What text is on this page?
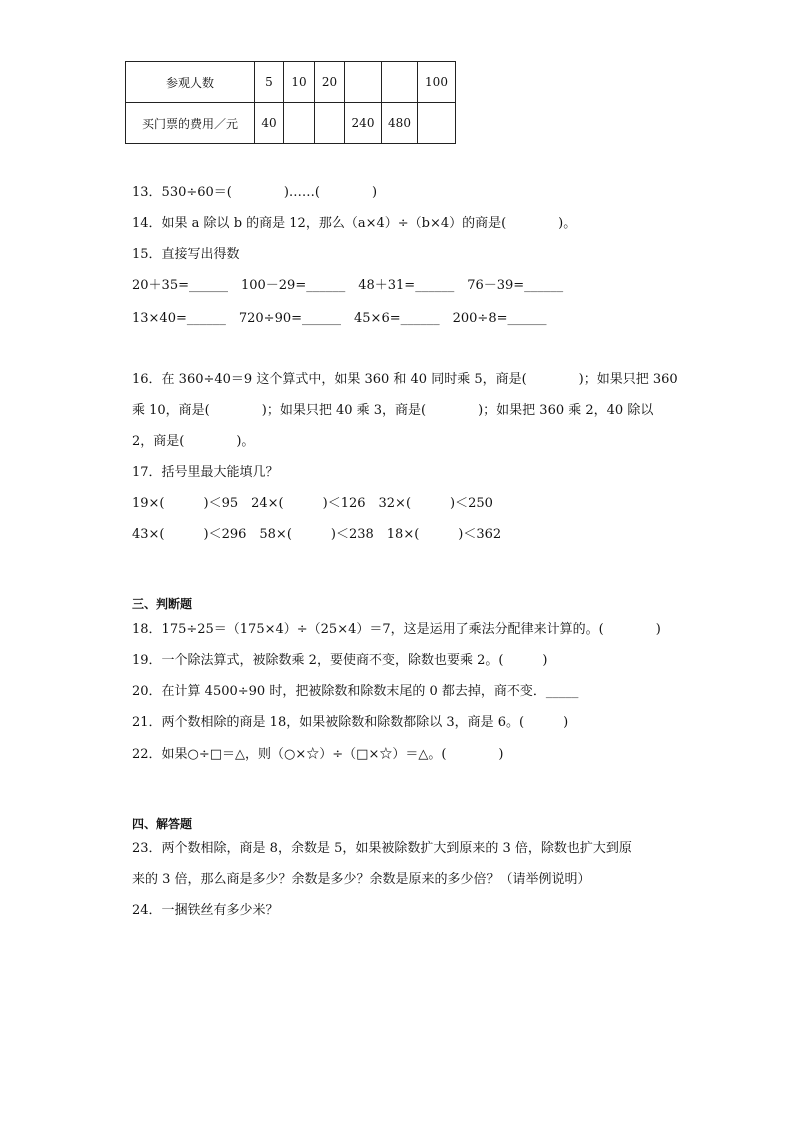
参观人数	5	10	20			100
买门票的费用／元	40			240	480	
13．530÷60＝(　　　　)……(　　　　)
14．如果 a 除以 b 的商是 12，那么（a×4）÷（b×4）的商是(　　　　)。
15．直接写出得数
20＋35=______　100－29=______　48＋31=______　76－39=______
13×40=______　720÷90=______　45×6=______　200÷8=______
16．在 360÷40＝9 这个算式中，如果 360 和 40 同时乘 5，商是(　　　　)；如果只把 360
乘 10，商是(　　　　)；如果只把 40 乘 3，商是(　　　　)；如果把 360 乘 2，40 除以
2，商是(　　　　)。
17．括号里最大能填几？
19×(　　　)＜95　24×(　　　)＜126　32×(　　　)＜250
43×(　　　)＜296　58×(　　　)＜238　18×(　　　)＜362
三、判断题
18．175÷25＝（175×4）÷（25×4）＝7，这是运用了乘法分配律来计算的。(　　　　)
19．一个除法算式，被除数乘 2，要使商不变，除数也要乘 2。(　　　)
20．在计算 4500÷90 时，把被除数和除数末尾的 0 都去掉，商不变．_____
21．两个数相除的商是 18，如果被除数和除数都除以 3，商是 6。(　　　)
22．如果○÷□＝△，则（○×☆）÷（□×☆）＝△。(　　　　)
四、解答题
23．两个数相除，商是 8，余数是 5，如果被除数扩大到原来的 3 倍，除数也扩大到原
来的 3 倍，那么商是多少？余数是多少？余数是原来的多少倍？（请举例说明）
24．一捆铁丝有多少米？
